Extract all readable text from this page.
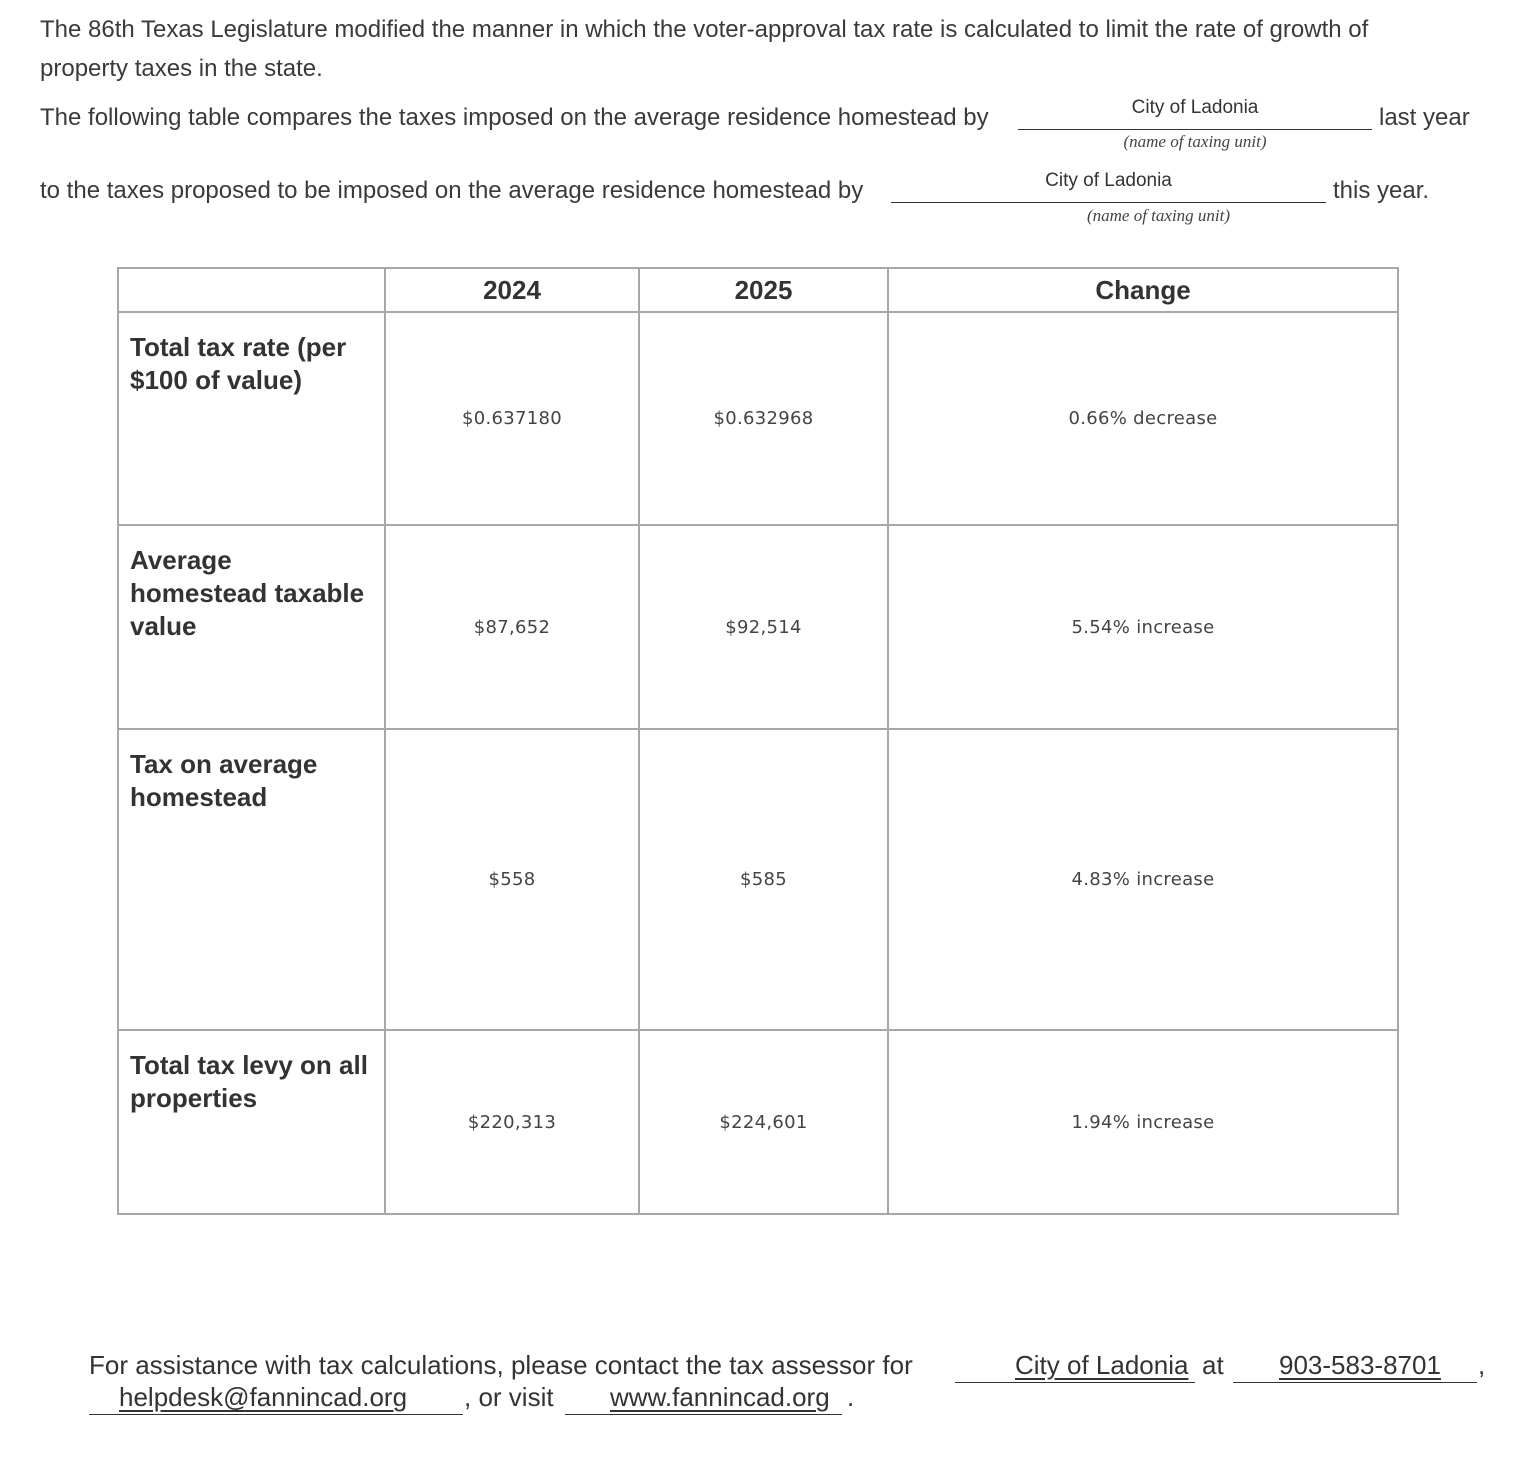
The 86th Texas Legislature modified the manner in which the voter-approval tax rate is calculated to limit the rate of growth of
property taxes in the state.
The following table compares the taxes imposed on the average residence homestead by	City of Ladonia
(name of taxing unit)
last year
to the taxes proposed to be imposed on the average residence homestead by	City of Ladonia
(name of taxing unit)
this year.
	2024	2025	Change
Total tax rate (per $100 of value)	$0.637180	$0.632968	0.66% decrease
Average homestead taxable value	$87,652	$92,514	5.54% increase
Tax on average homestead	$558	$585	4.83% increase
Total tax levy on all properties	$220,313	$224,601	1.94% increase
For assistance with tax calculations, please contact the tax assessor for	City of Ladonia at 903-583-8701 ,
helpdesk@fannincad.org , or visit www.fannincad.org .
